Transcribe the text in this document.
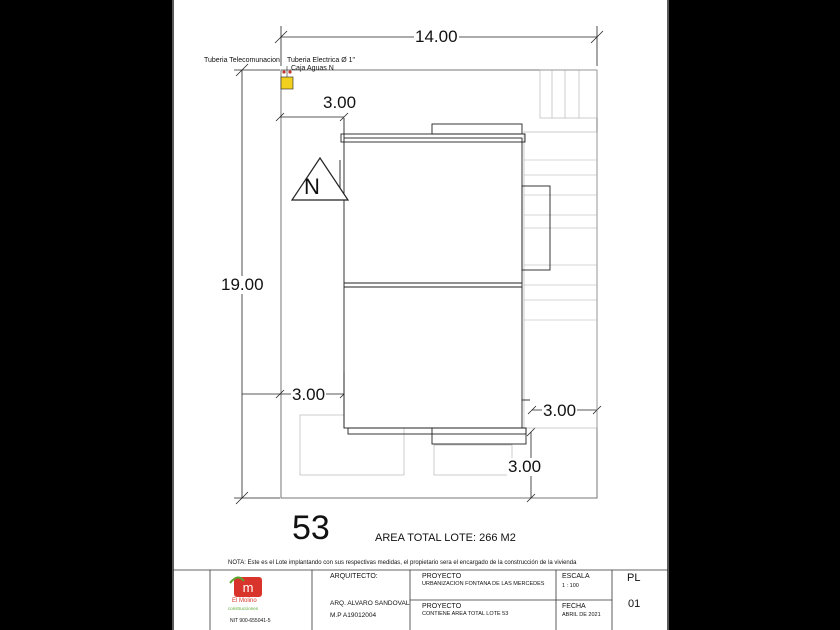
m
14.00
19.00
3.00
3.00
3.00
3.00
Tuberia Telecomunacion Tuberia Electrica Ø 1"
Caja Aguas N
N
53	AREA TOTAL LOTE: 266 M2
NOTA: Este es el Lote implantando con sus respectivas medidas, el propietario sera el encargado de la construcción de la vivienda
El Molino
construcciones
NIT 900-655041-5
ARQUITECTO:
ARQ. ALVARO SANDOVAL
M.P A19012004
PROYECTO
URBANIZACION FONTANA DE LAS MERCEDES
PROYECTO
CONTIENE AREA TOTAL LOTE 53
ESCALA
1 : 100
FECHA
ABRIL DE 2021
PL
01
